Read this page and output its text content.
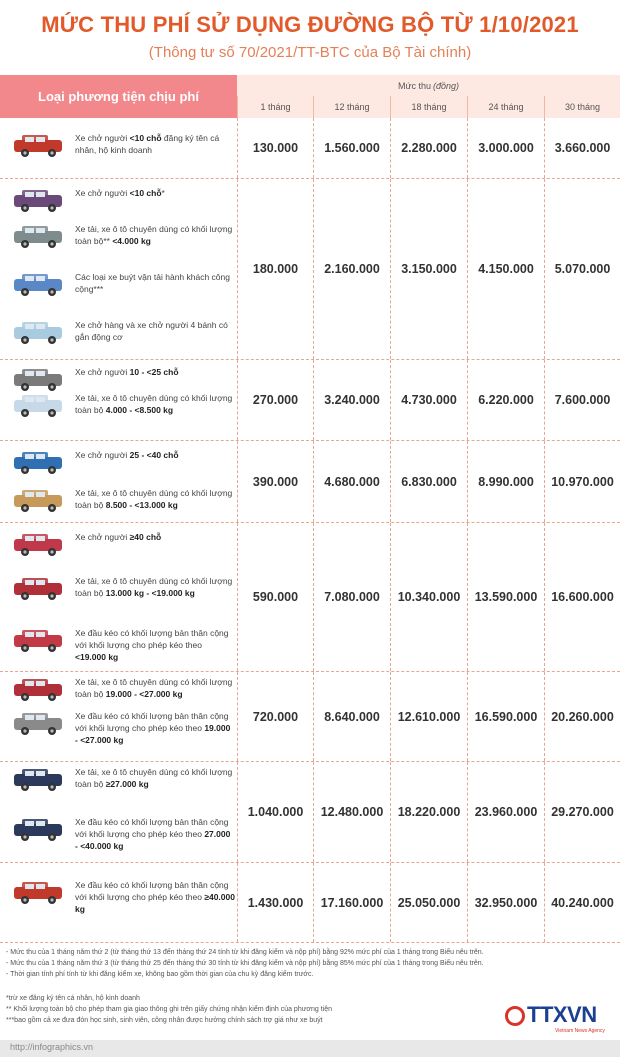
MỨC THU PHÍ SỬ DỤNG ĐƯỜNG BỘ TỪ 1/10/2021
(Thông tư số 70/2021/TT-BTC của Bộ Tài chính)
Loại phương tiện chịu phí
Mức thu (đồng)
1 tháng	12 tháng	18 tháng	24 tháng	30 tháng
Xe chở người <10 chỗ đăng ký tên cá nhân, hộ kinh doanh	130.000	1.560.000	2.280.000	3.000.000	3.660.000
Xe chở người <10 chỗ*
Xe tải, xe ô tô chuyên dùng có khối lượng toàn bộ** <4.000 kg
Các loại xe buýt vận tải hành khách công cộng***
Xe chở hàng và xe chở người 4 bánh có gắn động cơ
180.000	2.160.000	3.150.000	4.150.000	5.070.000
Xe chở người 10 - <25 chỗ
Xe tải, xe ô tô chuyên dùng có khối lượng toàn bộ 4.000 - <8.500 kg
270.000	3.240.000	4.730.000	6.220.000	7.600.000
Xe chở người 25 - <40 chỗ
Xe tải, xe ô tô chuyên dùng có khối lượng toàn bộ 8.500 - <13.000 kg
390.000	4.680.000	6.830.000	8.990.000	10.970.000
Xe chở người ≥40 chỗ
Xe tải, xe ô tô chuyên dùng có khối lượng toàn bộ 13.000 kg - <19.000 kg
Xe đầu kéo có khối lượng bản thân cộng với khối lượng cho phép kéo theo <19.000 kg
590.000	7.080.000	10.340.000	13.590.000	16.600.000
Xe tải, xe ô tô chuyên dùng có khối lượng toàn bộ 19.000 - <27.000 kg
Xe đầu kéo có khối lượng bản thân cộng với khối lượng cho phép kéo theo 19.000 - <27.000 kg
720.000	8.640.000	12.610.000	16.590.000	20.260.000
Xe tải, xe ô tô chuyên dùng có khối lượng toàn bộ ≥27.000 kg
Xe đầu kéo có khối lượng bản thân cộng với khối lượng cho phép kéo theo 27.000 - <40.000 kg
1.040.000	12.480.000	18.220.000	23.960.000	29.270.000
Xe đầu kéo có khối lượng bản thân cộng với khối lượng cho phép kéo theo ≥40.000 kg	1.430.000	17.160.000	25.050.000	32.950.000	40.240.000
- Mức thu của 1 tháng năm thứ 2 (từ tháng thứ 13 đến tháng thứ 24 tính từ khi đăng kiểm và nộp phí) bằng 92% mức phí của 1 tháng trong Biểu nêu trên.
- Mức thu của 1 tháng năm thứ 3 (từ tháng thứ 25 đến tháng thứ 30 tính từ khi đăng kiểm và nộp phí) bằng 85% mức phí của 1 tháng trong Biểu nêu trên.
- Thời gian tính phí tính từ khi đăng kiểm xe, không bao gồm thời gian của chu kỳ đăng kiểm trước.
*trừ xe đăng ký tên cá nhân, hộ kinh doanh
** Khối lượng toàn bộ cho phép tham gia giao thông ghi trên giấy chứng nhận kiểm định của phương tiện
***bao gồm cả xe đưa đón học sinh, sinh viên, công nhân được hưởng chính sách trợ giá như xe buýt	TTXVN
Vietnam News Agency
http://infographics.vn
